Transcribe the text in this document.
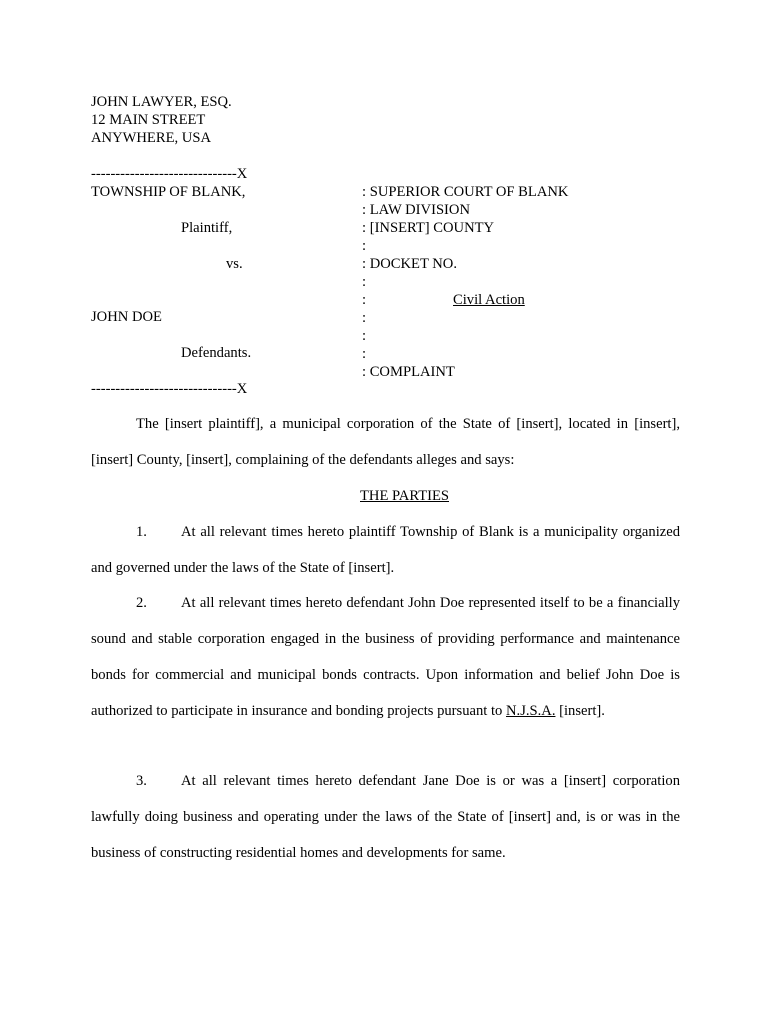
JOHN LAWYER, ESQ.
12 MAIN STREET
ANYWHERE, USA
------------------------------X
TOWNSHIP OF BLANK,
Plaintiff,
vs.
JOHN DOE
Defendants.
------------------------------X
: SUPERIOR COURT OF BLANK
: LAW DIVISION
: [INSERT] COUNTY
:
: DOCKET NO.
:
:	Civil Action
:
:
:
: COMPLAINT
The [insert plaintiff], a municipal corporation of the State of [insert], located in [insert],
[insert] County, [insert], complaining of the defendants alleges and says:
THE PARTIES
1. At all relevant times hereto plaintiff Township of Blank is a municipality organized and governed under the laws of the State of [insert].
2. At all relevant times hereto defendant John Doe represented itself to be a financially sound and stable corporation engaged in the business of providing performance and maintenance bonds for commercial and municipal bonds contracts. Upon information and belief John Doe is authorized to participate in insurance and bonding projects pursuant to N.J.S.A. [insert].
3. At all relevant times hereto defendant Jane Doe is or was a [insert] corporation lawfully doing business and operating under the laws of the State of [insert] and, is or was in the business of constructing residential homes and developments for same.
